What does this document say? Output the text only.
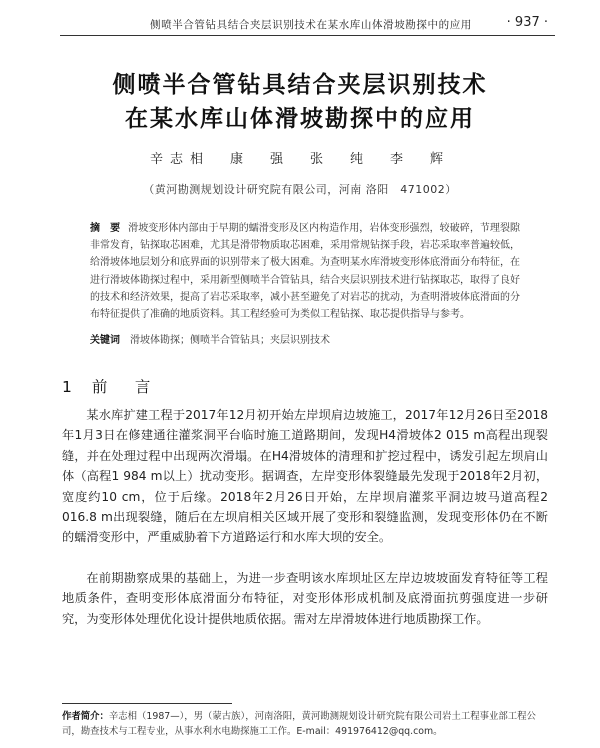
侧喷半合管钻具结合夹层识别技术在某水库山体滑坡勘探中的应用	· 937 ·
侧喷半合管钻具结合夹层识别技术
在某水库山体滑坡勘探中的应用
辛志相　康　强　张　纯　李　辉
（黄河勘测规划设计研究院有限公司，河南 洛阳　471002）
摘　要 滑坡变形体内部由于早期的蠕滑变形及区内构造作用，岩体变形强烈，较破碎，节理裂隙非常发育，钻探取芯困难，尤其是滑带物质取芯困难，采用常规钻探手段，岩芯采取率普遍较低，给滑坡体地层划分和底界面的识别带来了极大困难。为查明某水库滑坡变形体底滑面分布特征，在进行滑坡体勘探过程中，采用新型侧喷半合管钻具，结合夹层识别技术进行钻探取芯，取得了良好的技术和经济效果，提高了岩芯采取率，减小甚至避免了对岩芯的扰动，为查明滑坡体底滑面的分布特征提供了准确的地质资料。其工程经验可为类似工程钻探、取芯提供指导与参考。
关键词 滑坡体勘探；侧喷半合管钻具；夹层识别技术
1 前　言

某水库扩建工程于2017年12月初开始左岸坝肩边坡施工，2017年12月26日至2018年1月3日在修建通往灌浆洞平台临时施工道路期间，发现H4滑坡体2 015 m高程出现裂缝，并在处理过程中出现两次滑塌。在H4滑坡体的清理和扩挖过程中，诱发引起左坝肩山体（高程1 984 m以上）扰动变形。据调查，左岸变形体裂缝最先发现于2018年2月初，宽度约10 cm，位于后缘。2018年2月26日开始，左岸坝肩灌浆平洞边坡马道高程2 016.8 m出现裂缝，随后在左坝肩相关区域开展了变形和裂缝监测，发现变形体仍在不断的蠕滑变形中，严重威胁着下方道路运行和水库大坝的安全。

在前期勘察成果的基础上，为进一步查明该水库坝址区左岸边坡坡面发育特征等工程地质条件，查明变形体底滑面分布特征，对变形体形成机制及底滑面抗剪强度进一步研究，为变形体处理优化设计提供地质依据。需对左岸滑坡体进行地质勘探工作。

作者简介：辛志相（1987—），男（蒙古族），河南洛阳，黄河勘测规划设计研究院有限公司岩土工程事业部工程公司，勘查技术与工程专业，从事水利水电勘探施工工作。E-mail：491976412@qq.com。
